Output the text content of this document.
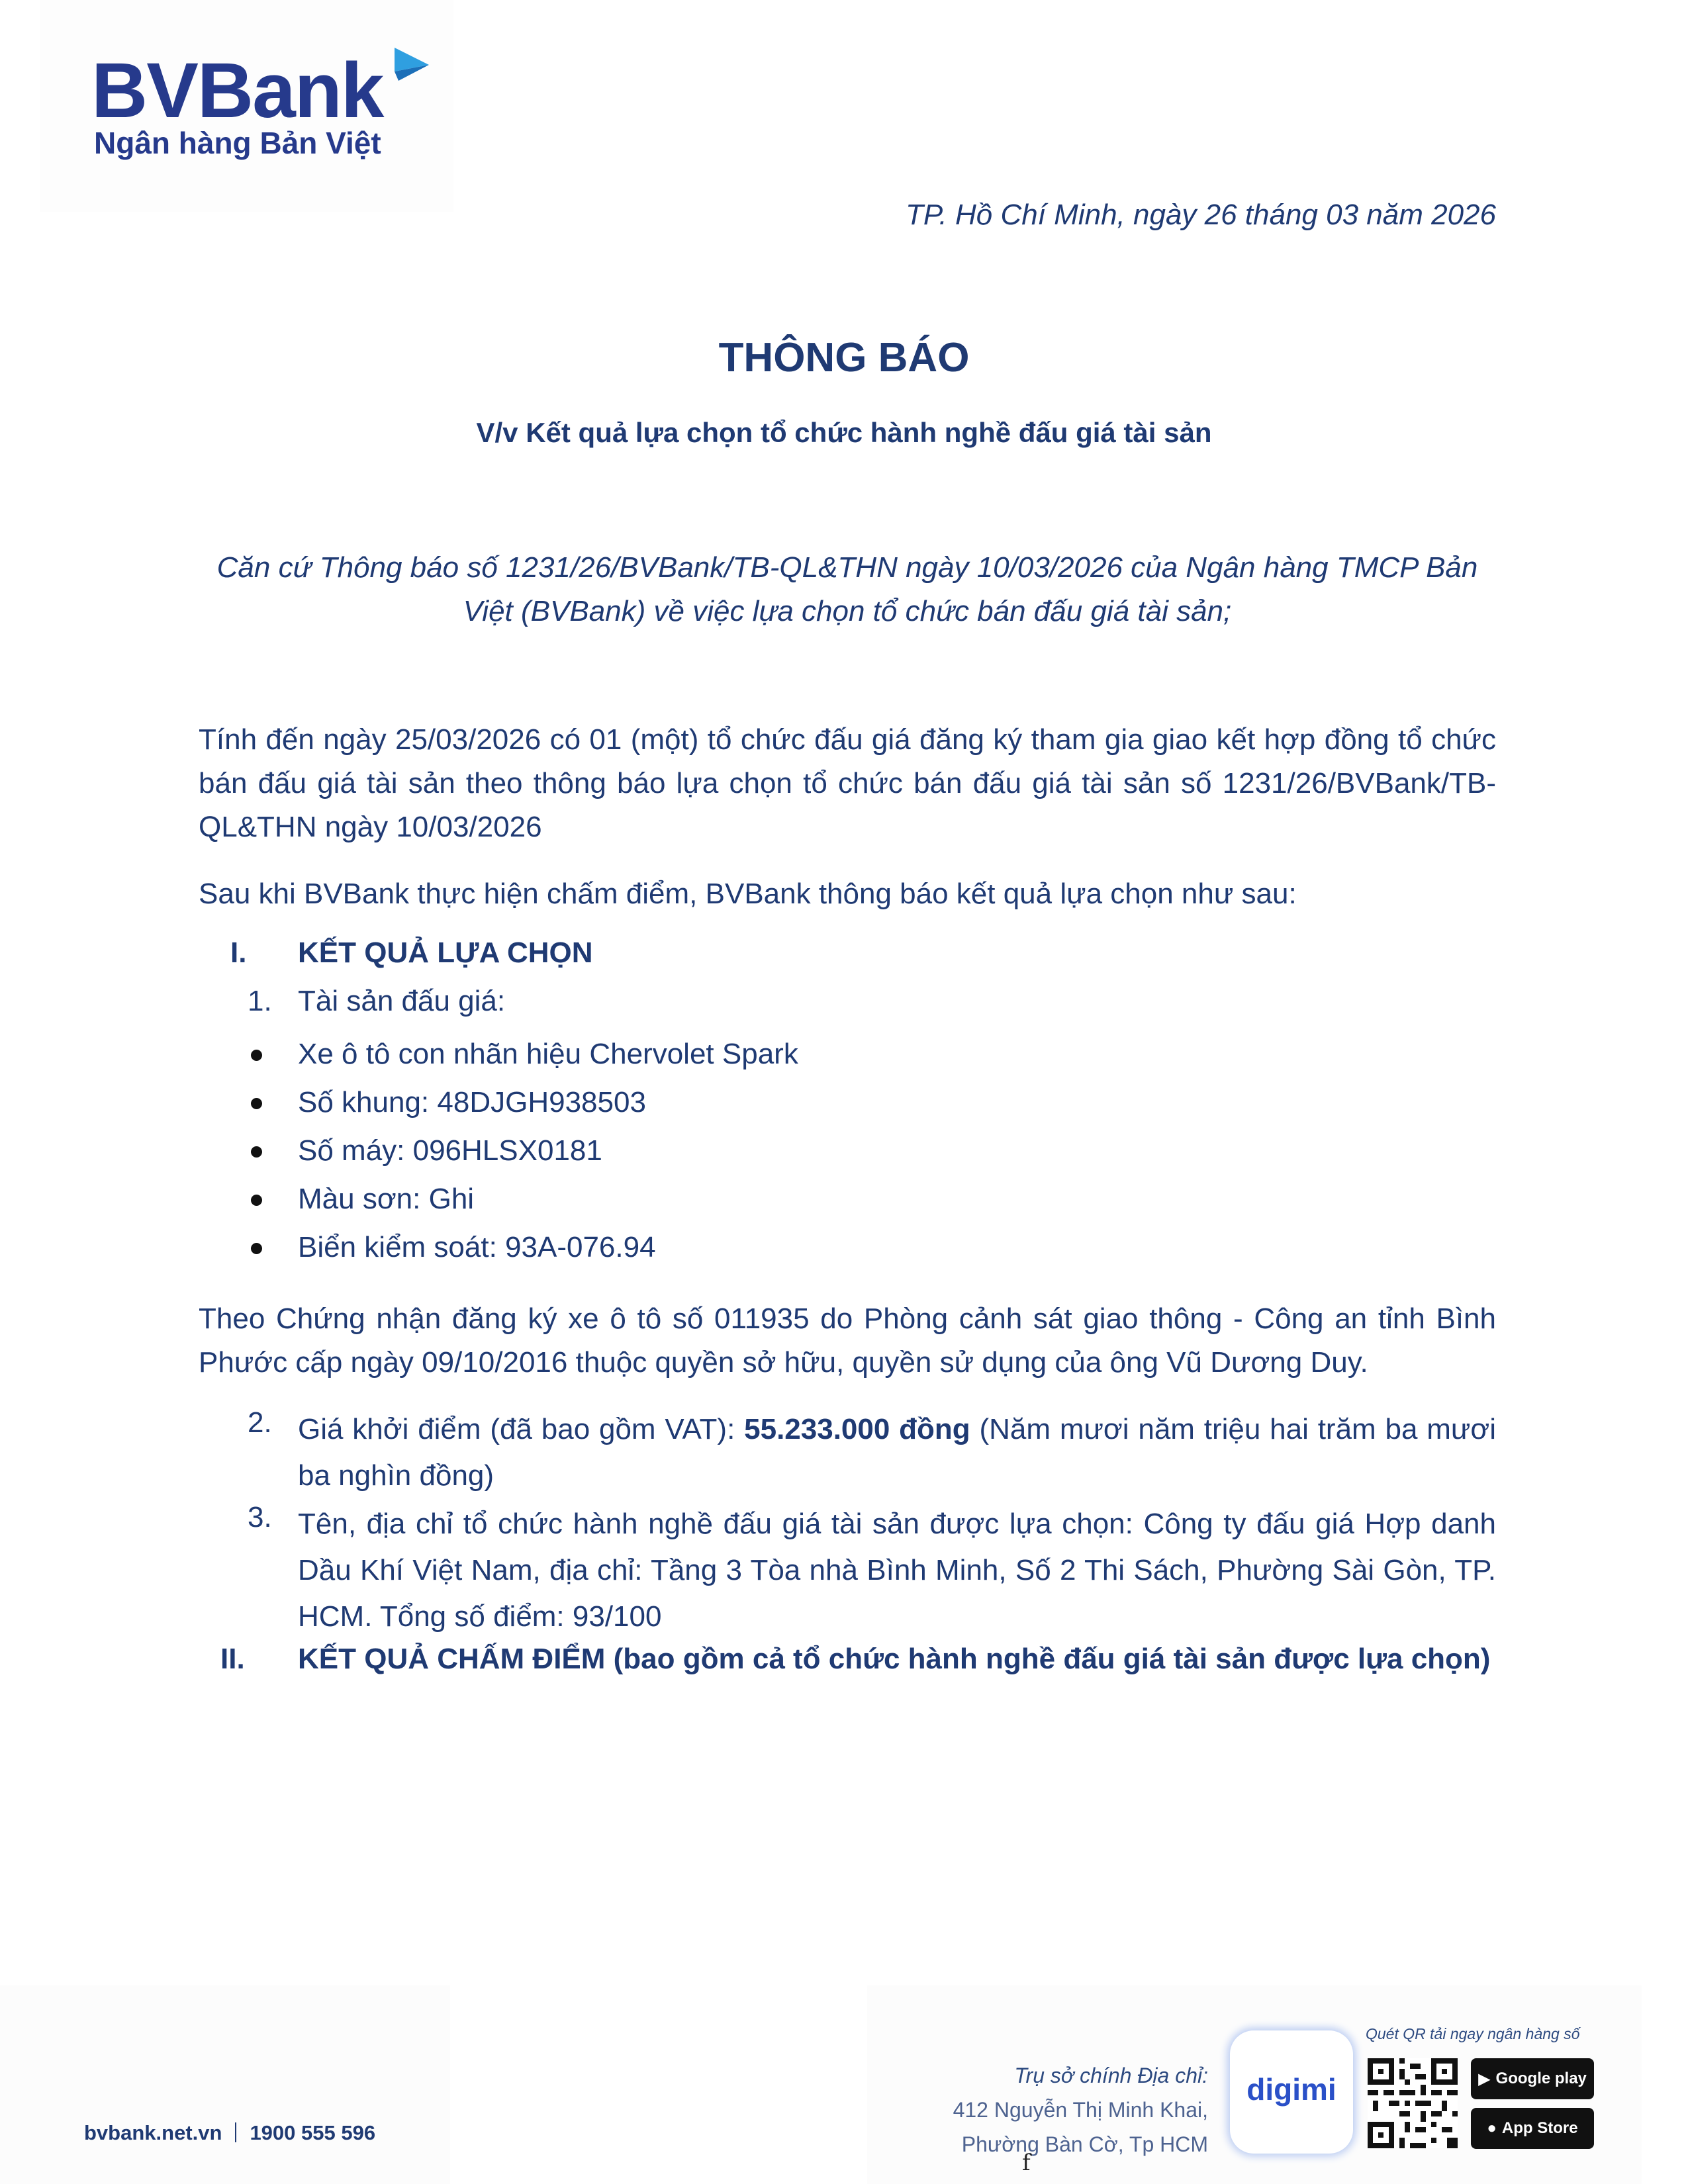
BVBank
Ngân hàng Bản Việt
TP. Hồ Chí Minh, ngày 26 tháng 03 năm 2026
THÔNG BÁO
V/v Kết quả lựa chọn tổ chức hành nghề đấu giá tài sản
Căn cứ Thông báo số 1231/26/BVBank/TB-QL&THN ngày 10/03/2026 của Ngân hàng TMCP Bản Việt (BVBank) về việc lựa chọn tổ chức bán đấu giá tài sản;
Tính đến ngày 25/03/2026 có 01 (một) tổ chức đấu giá đăng ký tham gia giao kết hợp đồng tổ chức bán đấu giá tài sản theo thông báo lựa chọn tổ chức bán đấu giá tài sản số 1231/26/BVBank/TB-QL&THN ngày 10/03/2026
Sau khi BVBank thực hiện chấm điểm, BVBank thông báo kết quả lựa chọn như sau:
I. KẾT QUẢ LỰA CHỌN
1. Tài sản đấu giá:
Xe ô tô con nhãn hiệu Chervolet Spark
Số khung: 48DJGH938503
Số máy: 096HLSX0181
Màu sơn: Ghi
Biển kiểm soát: 93A-076.94
Theo Chứng nhận đăng ký xe ô tô số 011935 do Phòng cảnh sát giao thông - Công an tỉnh Bình Phước cấp ngày 09/10/2016 thuộc quyền sở hữu, quyền sử dụng của ông Vũ Dương Duy.
2. Giá khởi điểm (đã bao gồm VAT): 55.233.000 đồng (Năm mươi năm triệu hai trăm ba mươi ba nghìn đồng)
3. Tên, địa chỉ tổ chức hành nghề đấu giá tài sản được lựa chọn: Công ty đấu giá Hợp danh Dầu Khí Việt Nam, địa chỉ: Tầng 3 Tòa nhà Bình Minh, Số 2 Thi Sách, Phường Sài Gòn, TP. HCM. Tổng số điểm: 93/100
II. KẾT QUẢ CHẤM ĐIỂM (bao gồm cả tổ chức hành nghề đấu giá tài sản được lựa chọn)
bvbank.net.vn 1900 555 596
Trụ sở chính Địa chỉ:
412 Nguyễn Thị Minh Khai,
Phường Bàn Cờ, Tp HCM
digimi
Quét QR tải ngay ngân hàng số
▶ Google play
● App Store
f
